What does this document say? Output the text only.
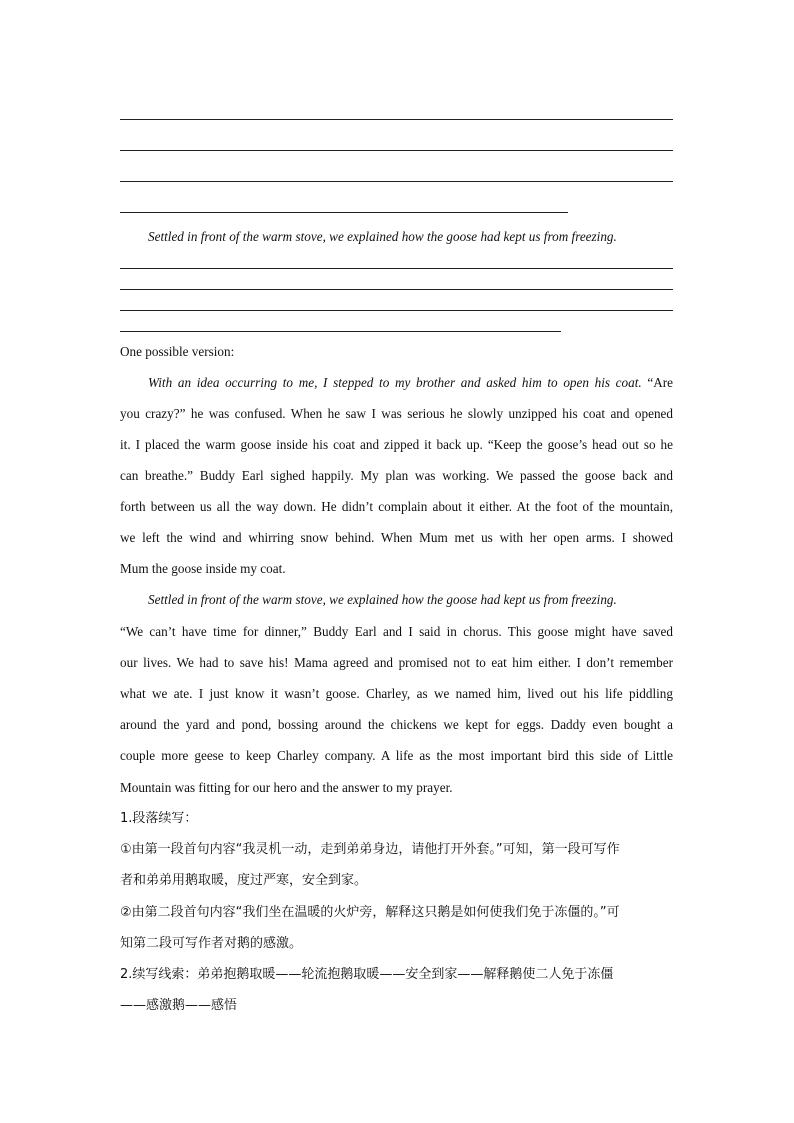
Settled in front of the warm stove, we explained how the goose had kept us from freezing.
One possible version:
With an idea occurring to me, I stepped to my brother and asked him to open his coat. “Are
you crazy?” he was confused. When he saw I was serious he slowly unzipped his coat and opened
it. I placed the warm goose inside his coat and zipped it back up. “Keep the goose’s head out so he
can breathe.” Buddy Earl sighed happily. My plan was working. We passed the goose back and
forth between us all the way down. He didn’t complain about it either. At the foot of the mountain,
we left the wind and whirring snow behind. When Mum met us with her open arms. I showed
Mum the goose inside my coat.
Settled in front of the warm stove, we explained how the goose had kept us from freezing.
“We can’t have time for dinner,” Buddy Earl and I said in chorus. This goose might have saved
our lives. We had to save his! Mama agreed and promised not to eat him either. I don’t remember
what we ate. I just know it wasn’t goose. Charley, as we named him, lived out his life piddling
around the yard and pond, bossing around the chickens we kept for eggs. Daddy even bought a
couple more geese to keep Charley company. A life as the most important bird this side of Little
Mountain was fitting for our hero and the answer to my prayer.
1.段落续写：
①由第一段首句内容“我灵机一动，走到弟弟身边，请他打开外套。”可知，第一段可写作
者和弟弟用鹅取暖，度过严寒，安全到家。
②由第二段首句内容“我们坐在温暖的火炉旁，解释这只鹅是如何使我们免于冻僵的。”可
知第二段可写作者对鹅的感激。
2.续写线索：弟弟抱鹅取暖——轮流抱鹅取暖——安全到家——解释鹅使二人免于冻僵
——感激鹅——感悟
